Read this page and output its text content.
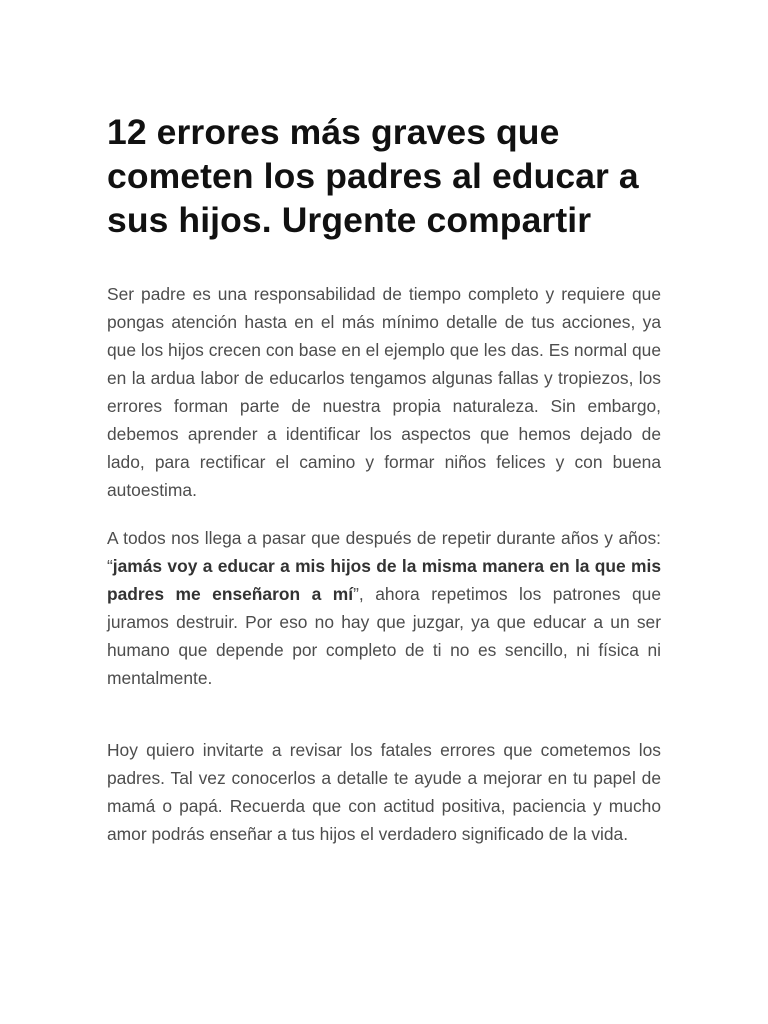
12 errores más graves que cometen los padres al educar a sus hijos. Urgente compartir

Ser padre es una responsabilidad de tiempo completo y requiere que pongas atención hasta en el más mínimo detalle de tus acciones, ya que los hijos crecen con base en el ejemplo que les das. Es normal que en la ardua labor de educarlos tengamos algunas fallas y tropiezos, los errores forman parte de nuestra propia naturaleza. Sin embargo, debemos aprender a identificar los aspectos que hemos dejado de lado, para rectificar el camino y formar niños felices y con buena autoestima.

A todos nos llega a pasar que después de repetir durante años y años: “jamás voy a educar a mis hijos de la misma manera en la que mis padres me enseñaron a mí”, ahora repetimos los patrones que juramos destruir. Por eso no hay que juzgar, ya que educar a un ser humano que depende por completo de ti no es sencillo, ni física ni mentalmente.

Hoy quiero invitarte a revisar los fatales errores que cometemos los padres. Tal vez conocerlos a detalle te ayude a mejorar en tu papel de mamá o papá. Recuerda que con actitud positiva, paciencia y mucho amor podrás enseñar a tus hijos el verdadero significado de la vida.
